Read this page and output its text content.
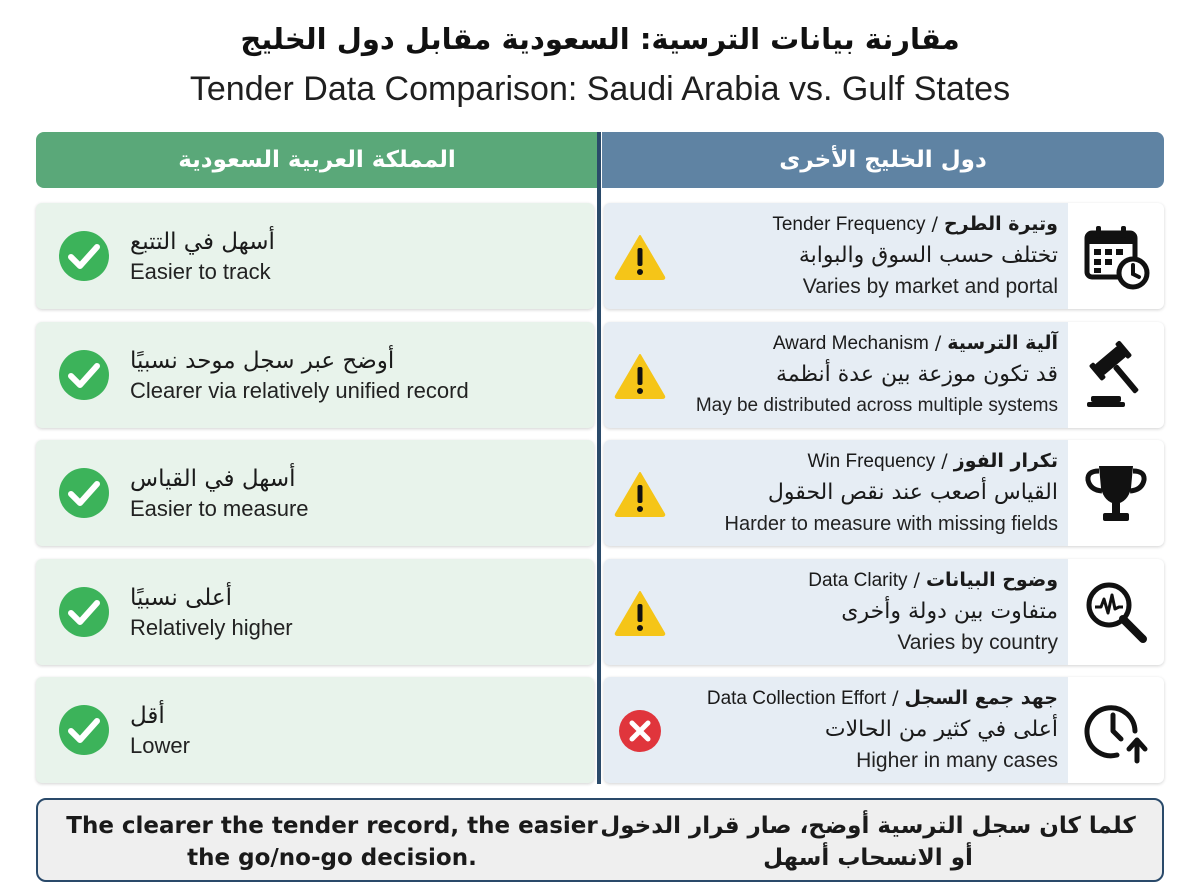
مقارنة بيانات الترسية: السعودية مقابل دول الخليج
Tender Data Comparison: Saudi Arabia vs. Gulf States
المملكة العربية السعودية	دول الخليج الأخرى
أسهل في التتبع
Easier to track
Tender Frequency / وتيرة الطرح
تختلف حسب السوق والبوابة
Varies by market and portal
أوضح عبر سجل موحد نسبيًا
Clearer via relatively unified record
Award Mechanism / آلية الترسية
قد تكون موزعة بين عدة أنظمة
May be distributed across multiple systems
أسهل في القياس
Easier to measure
Win Frequency / تكرار الفوز
القياس أصعب عند نقص الحقول
Harder to measure with missing fields
أعلى نسبيًا
Relatively higher
Data Clarity / وضوح البيانات
متفاوت بين دولة وأخرى
Varies by country
أقل
Lower
Data Collection Effort / جهد جمع السجل
أعلى في كثير من الحالات
Higher in many cases
The clearer the tender record, the easier the go/no-go decision.
كلما كان سجل الترسية أوضح، صار قرار الدخول أو الانسحاب أسهل
